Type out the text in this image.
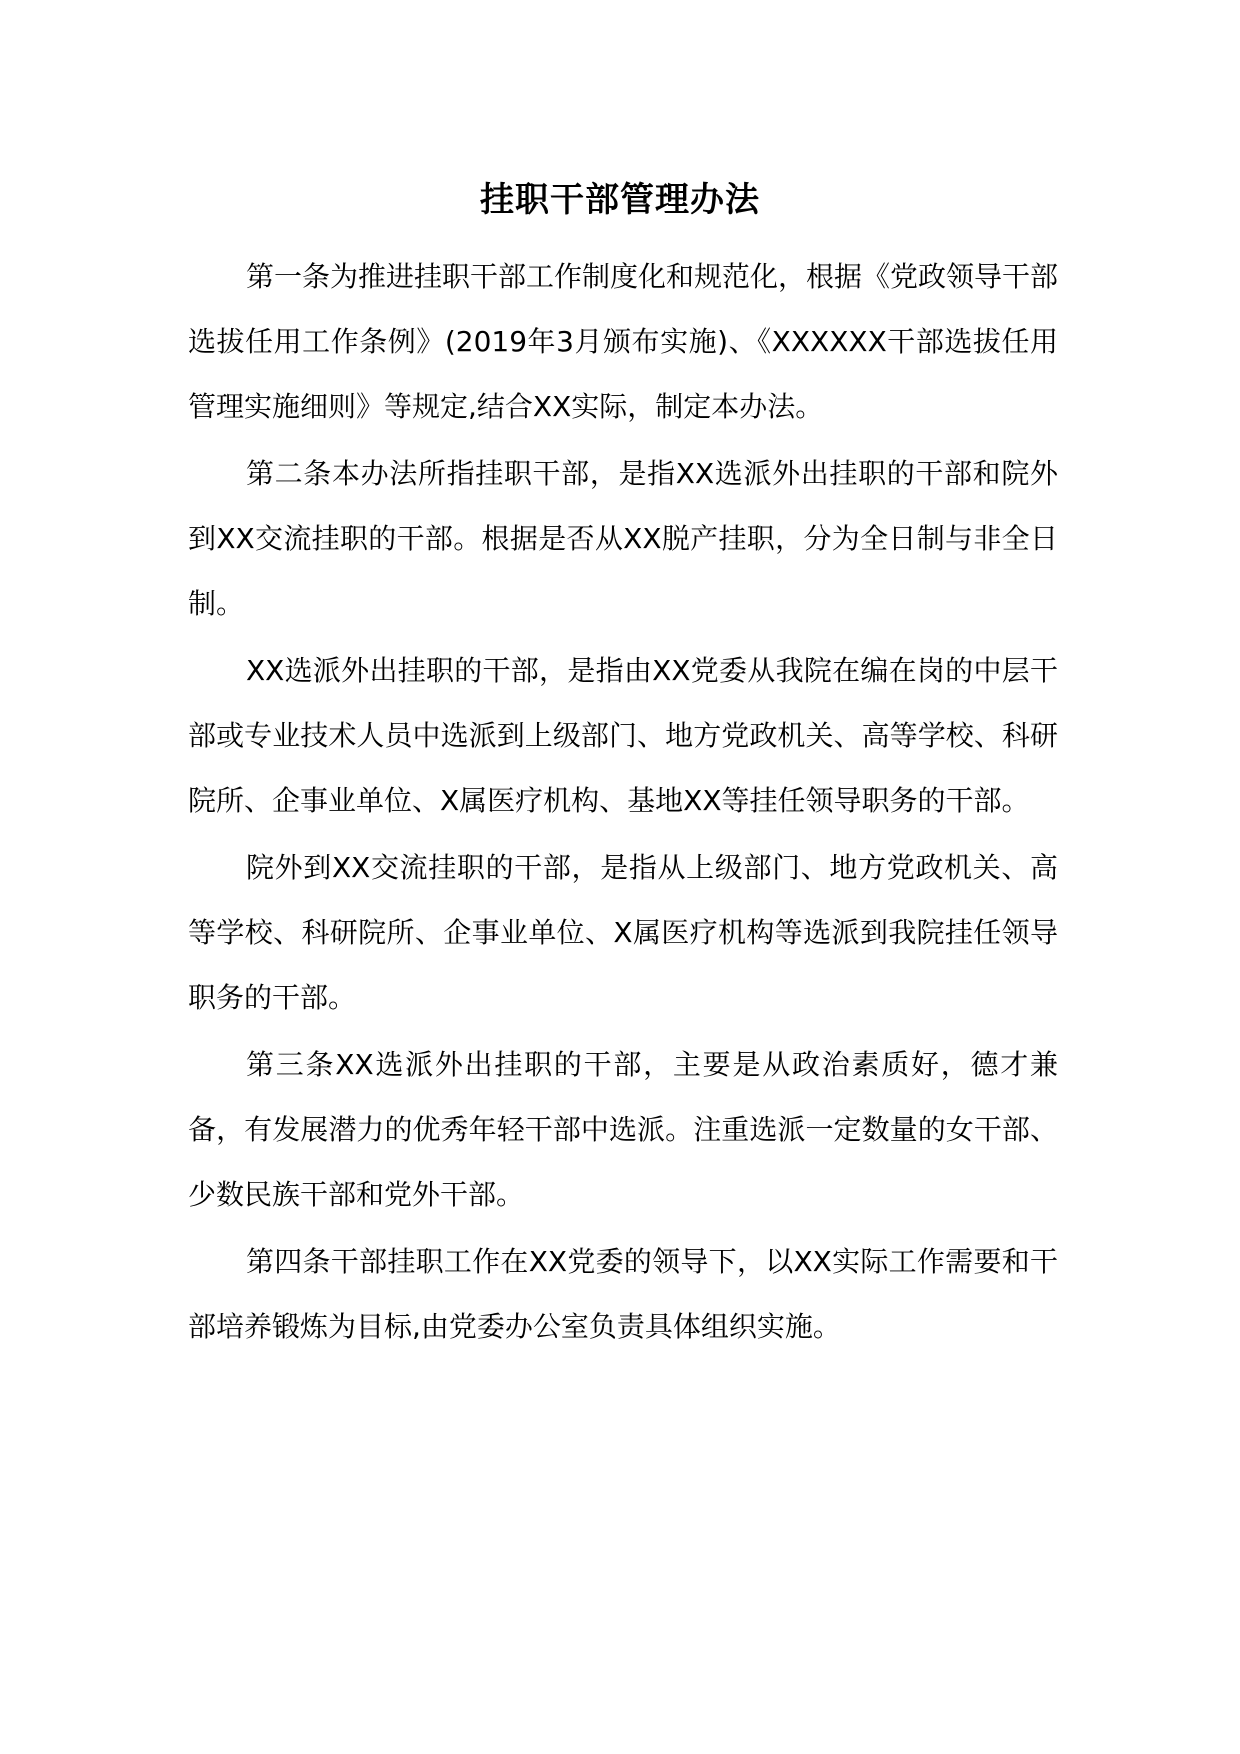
挂职干部管理办法

第一条为推进挂职干部工作制度化和规范化，根据《党政领导干部选拔任用工作条例》(2019年3月颁布实施)、《XXXXXX干部选拔任用管理实施细则》等规定,结合XX实际，制定本办法。

第二条本办法所指挂职干部，是指XX选派外出挂职的干部和院外到XX交流挂职的干部。根据是否从XX脱产挂职，分为全日制与非全日制。

XX选派外出挂职的干部，是指由XX党委从我院在编在岗的中层干部或专业技术人员中选派到上级部门、地方党政机关、高等学校、科研院所、企事业单位、X属医疗机构、基地XX等挂任领导职务的干部。

院外到XX交流挂职的干部，是指从上级部门、地方党政机关、高等学校、科研院所、企事业单位、X属医疗机构等选派到我院挂任领导职务的干部。

第三条XX选派外出挂职的干部，主要是从政治素质好，德才兼备，有发展潜力的优秀年轻干部中选派。注重选派一定数量的女干部、少数民族干部和党外干部。

第四条干部挂职工作在XX党委的领导下，以XX实际工作需要和干部培养锻炼为目标,由党委办公室负责具体组织实施。
